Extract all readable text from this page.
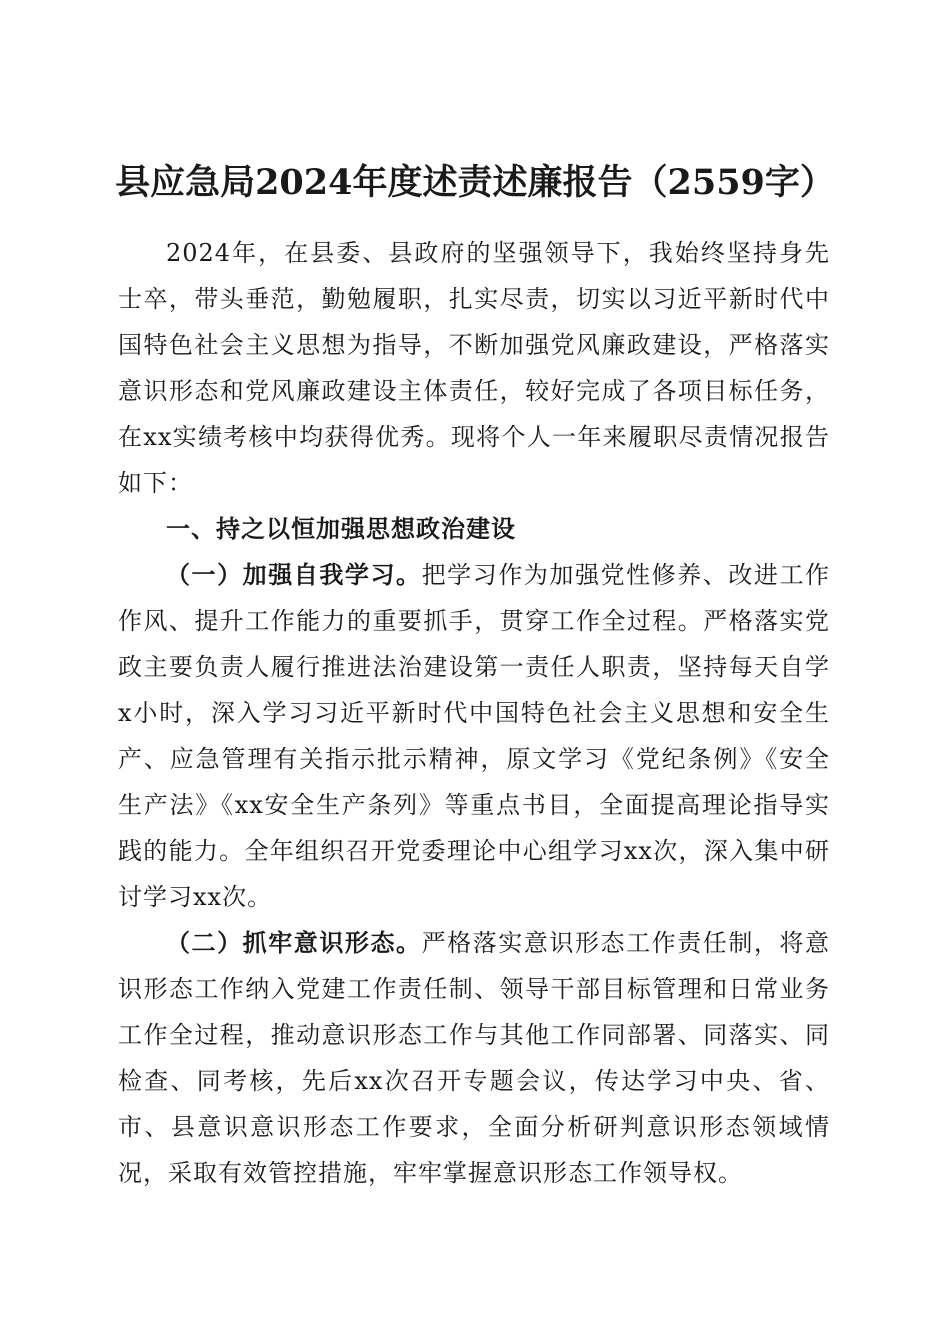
县应急局2024年度述责述廉报告（2559字）

2024年，在县委、县政府的坚强领导下，我始终坚持身先士卒，带头垂范，勤勉履职，扎实尽责，切实以习近平新时代中国特色社会主义思想为指导，不断加强党风廉政建设，严格落实意识形态和党风廉政建设主体责任，较好完成了各项目标任务，在xx实绩考核中均获得优秀。现将个人一年来履职尽责情况报告如下：

一、持之以恒加强思想政治建设

（一）加强自我学习。把学习作为加强党性修养、改进工作作风、提升工作能力的重要抓手，贯穿工作全过程。严格落实党政主要负责人履行推进法治建设第一责任人职责，坚持每天自学x小时，深入学习习近平新时代中国特色社会主义思想和安全生产、应急管理有关指示批示精神，原文学习《党纪条例》《安全生产法》《xx安全生产条列》等重点书目，全面提高理论指导实践的能力。全年组织召开党委理论中心组学习xx次，深入集中研讨学习xx次。

（二）抓牢意识形态。严格落实意识形态工作责任制，将意识形态工作纳入党建工作责任制、领导干部目标管理和日常业务工作全过程，推动意识形态工作与其他工作同部署、同落实、同检查、同考核，先后xx次召开专题会议，传达学习中央、省、市、县意识意识形态工作要求，全面分析研判意识形态领域情况，采取有效管控措施，牢牢掌握意识形态工作领导权。
